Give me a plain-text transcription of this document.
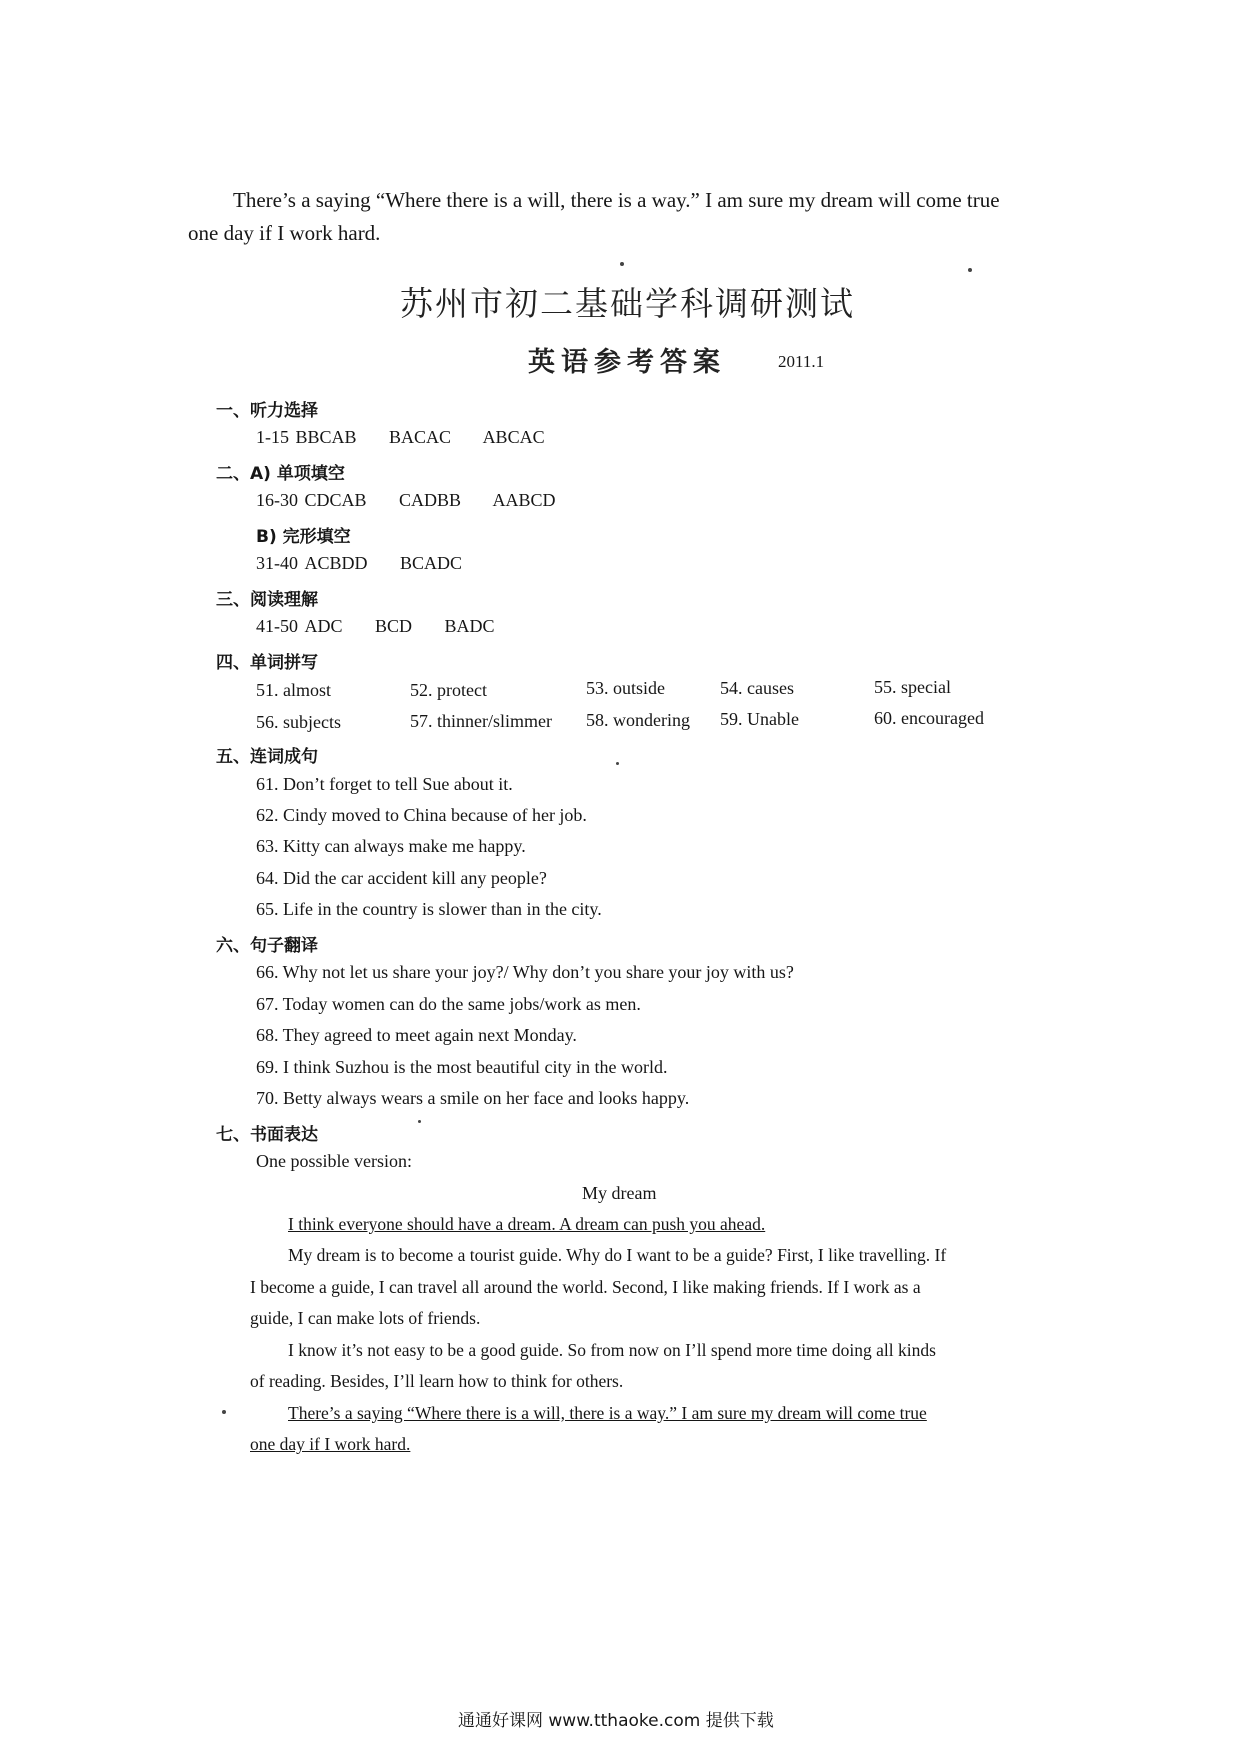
There’s a saying “Where there is a will, there is a way.” I am sure my dream will come true
one day if I work hard.
苏州市初二基础学科调研测试
英语参考答案	2011.1
一、听力选择
1-15 BBCAB BACAC ABCAC
二、A) 单项填空
16-30 CDCAB CADBB AABCD
B) 完形填空
31-40 ACBDD BCADC
三、阅读理解
41-50 ADC BCD BADC
四、单词拼写
51. almost	52. protect	53. outside	54. causes	55. special
56. subjects	57. thinner/slimmer 58. wondering 59. Unable	60. encouraged
五、连词成句
61. Don’t forget to tell Sue about it.
62. Cindy moved to China because of her job.
63. Kitty can always make me happy.
64. Did the car accident kill any people?
65. Life in the country is slower than in the city.
六、句子翻译
66. Why not let us share your joy?/ Why don’t you share your joy with us?
67. Today women can do the same jobs/work as men.
68. They agreed to meet again next Monday.
69. I think Suzhou is the most beautiful city in the world.
70. Betty always wears a smile on her face and looks happy.
七、书面表达
One possible version:
My dream
I think everyone should have a dream. A dream can push you ahead.
My dream is to become a tourist guide. Why do I want to be a guide? First, I like travelling. If
I become a guide, I can travel all around the world. Second, I like making friends. If I work as a
guide, I can make lots of friends.
I know it’s not easy to be a good guide. So from now on I’ll spend more time doing all kinds
of reading. Besides, I’ll learn how to think for others.
There’s a saying “Where there is a will, there is a way.” I am sure my dream will come true
one day if I work hard.
通通好课网 www.tthaoke.com 提供下载
